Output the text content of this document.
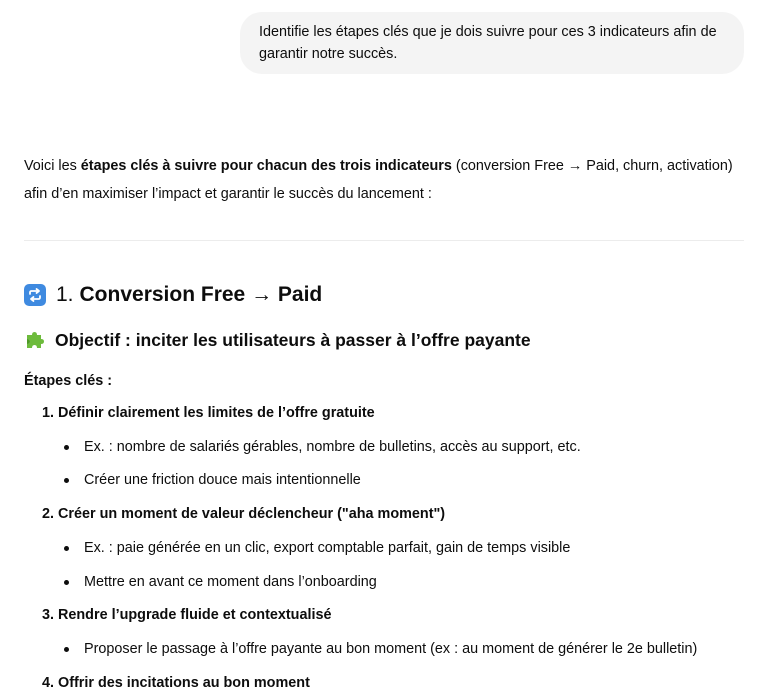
Identifie les étapes clés que je dois suivre pour ces 3 indicateurs afin de garantir notre succès.
Voici les étapes clés à suivre pour chacun des trois indicateurs (conversion Free → Paid, churn, activation)
afin d’en maximiser l’impact et garantir le succès du lancement :
1. Conversion Free → Paid
Objectif : inciter les utilisateurs à passer à l’offre payante
Étapes clés :
1. Définir clairement les limites de l’offre gratuite
Ex. : nombre de salariés gérables, nombre de bulletins, accès au support, etc.
Créer une friction douce mais intentionnelle
2. Créer un moment de valeur déclencheur ("aha moment")
Ex. : paie générée en un clic, export comptable parfait, gain de temps visible
Mettre en avant ce moment dans l’onboarding
3. Rendre l’upgrade fluide et contextualisé
Proposer le passage à l’offre payante au bon moment (ex : au moment de générer le 2e bulletin)
4. Offrir des incitations au bon moment
